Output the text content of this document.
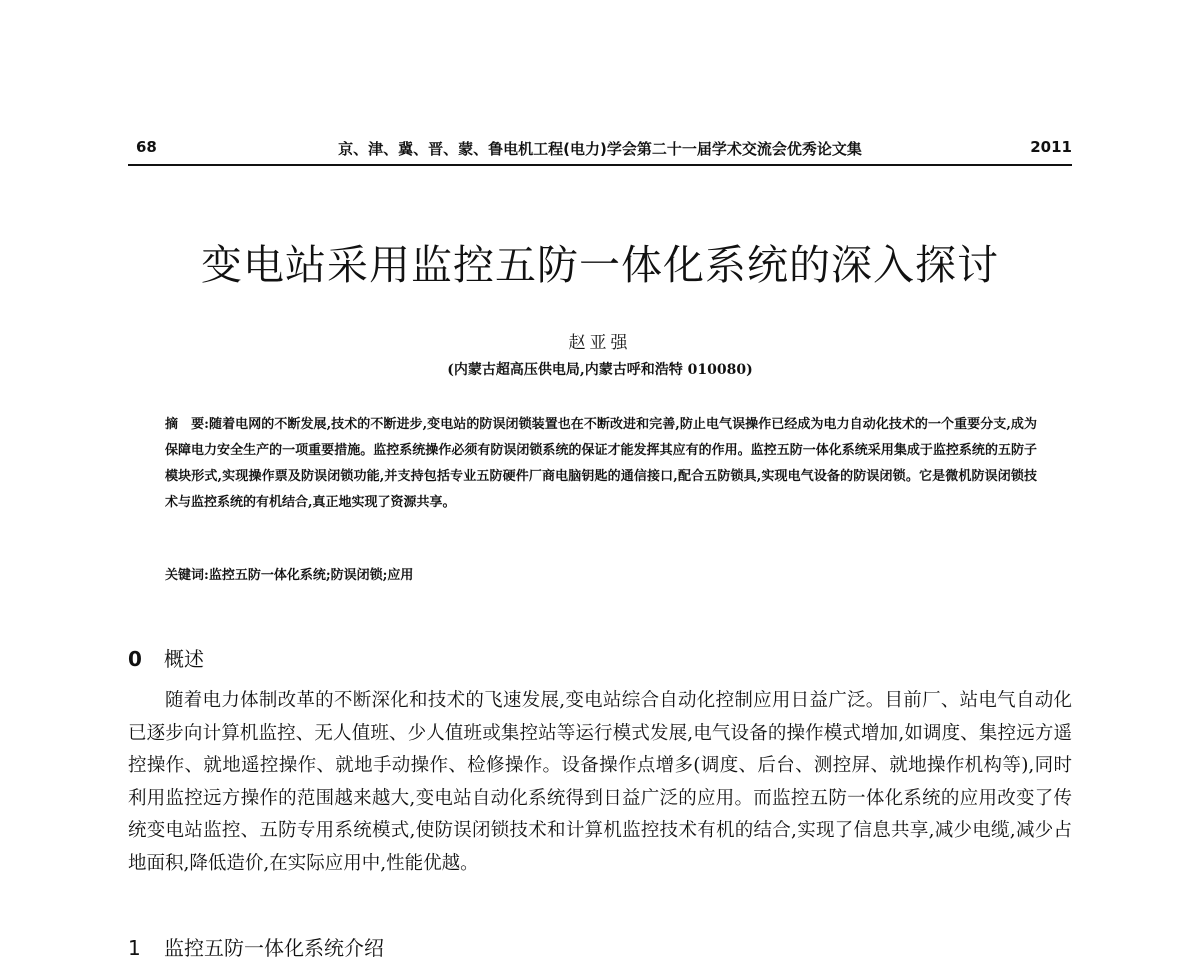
68	京、津、冀、晋、蒙、鲁电机工程(电力)学会第二十一届学术交流会优秀论文集	2011
变电站采用监控五防一体化系统的深入探讨
赵亚强
(内蒙古超高压供电局,内蒙古呼和浩特 010080)
摘　要:随着电网的不断发展,技术的不断进步,变电站的防误闭锁装置也在不断改进和完善,防止电气误操作已经成为电力自动化技术的一个重要分支,成为保障电力安全生产的一项重要措施。监控系统操作必须有防误闭锁系统的保证才能发挥其应有的作用。监控五防一体化系统采用集成于监控系统的五防子模块形式,实现操作票及防误闭锁功能,并支持包括专业五防硬件厂商电脑钥匙的通信接口,配合五防锁具,实现电气设备的防误闭锁。它是微机防误闭锁技术与监控系统的有机结合,真正地实现了资源共享。
关键词:监控五防一体化系统;防误闭锁;应用
0 概述
随着电力体制改革的不断深化和技术的飞速发展,变电站综合自动化控制应用日益广泛。目前厂、站电气自动化已逐步向计算机监控、无人值班、少人值班或集控站等运行模式发展,电气设备的操作模式增加,如调度、集控远方遥控操作、就地遥控操作、就地手动操作、检修操作。设备操作点增多(调度、后台、测控屏、就地操作机构等),同时利用监控远方操作的范围越来越大,变电站自动化系统得到日益广泛的应用。而监控五防一体化系统的应用改变了传统变电站监控、五防专用系统模式,使防误闭锁技术和计算机监控技术有机的结合,实现了信息共享,减少电缆,减少占地面积,降低造价,在实际应用中,性能优越。
1 监控五防一体化系统介绍
